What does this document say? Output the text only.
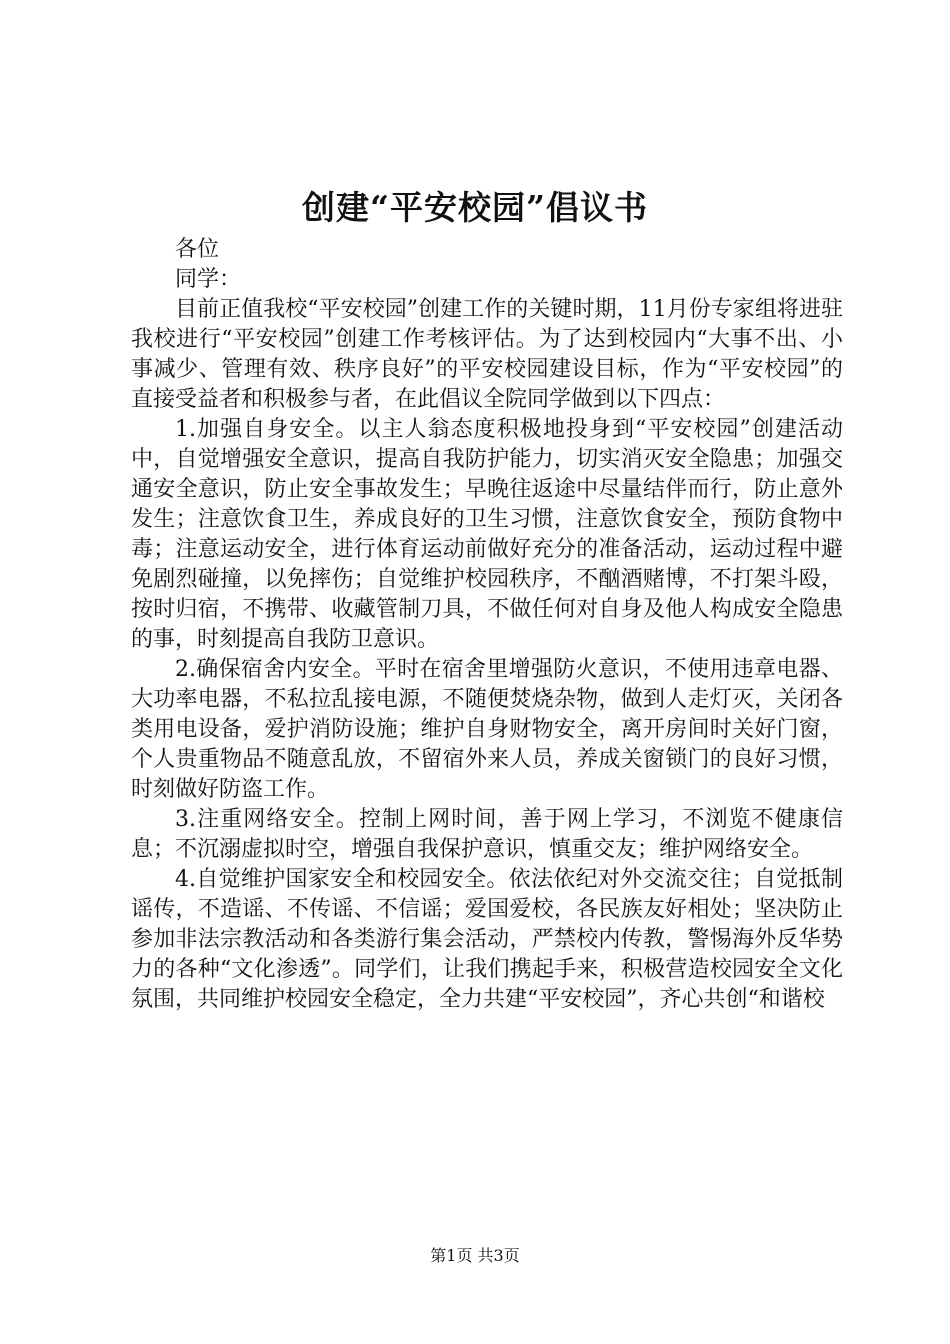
创建“平安校园”倡议书

各位

同学：

目前正值我校“平安校园”创建工作的关键时期，11月份专家组将进驻我校进行“平安校园”创建工作考核评估。为了达到校园内“大事不出、小事减少、管理有效、秩序良好”的平安校园建设目标，作为“平安校园”的直接受益者和积极参与者，在此倡议全院同学做到以下四点：

1.加强自身安全。以主人翁态度积极地投身到“平安校园”创建活动中，自觉增强安全意识，提高自我防护能力，切实消灭安全隐患；加强交通安全意识，防止安全事故发生；早晚往返途中尽量结伴而行，防止意外发生；注意饮食卫生，养成良好的卫生习惯，注意饮食安全，预防食物中毒；注意运动安全，进行体育运动前做好充分的准备活动，运动过程中避免剧烈碰撞，以免摔伤；自觉维护校园秩序，不酗酒赌博，不打架斗殴，按时归宿，不携带、收藏管制刀具，不做任何对自身及他人构成安全隐患的事，时刻提高自我防卫意识。

2.确保宿舍内安全。平时在宿舍里增强防火意识，不使用违章电器、大功率电器，不私拉乱接电源，不随便焚烧杂物，做到人走灯灭，关闭各类用电设备，爱护消防设施；维护自身财物安全，离开房间时关好门窗，个人贵重物品不随意乱放，不留宿外来人员，养成关窗锁门的良好习惯，时刻做好防盗工作。

3.注重网络安全。控制上网时间，善于网上学习，不浏览不健康信息；不沉溺虚拟时空，增强自我保护意识，慎重交友；维护网络安全。

4.自觉维护国家安全和校园安全。依法依纪对外交流交往；自觉抵制谣传，不造谣、不传谣、不信谣；爱国爱校，各民族友好相处；坚决防止参加非法宗教活动和各类游行集会活动，严禁校内传教，警惕海外反华势力的各种“文化渗透”。同学们，让我们携起手来，积极营造校园安全文化氛围，共同维护校园安全稳定，全力共建“平安校园”，齐心共创“和谐校

第1页 共3页
